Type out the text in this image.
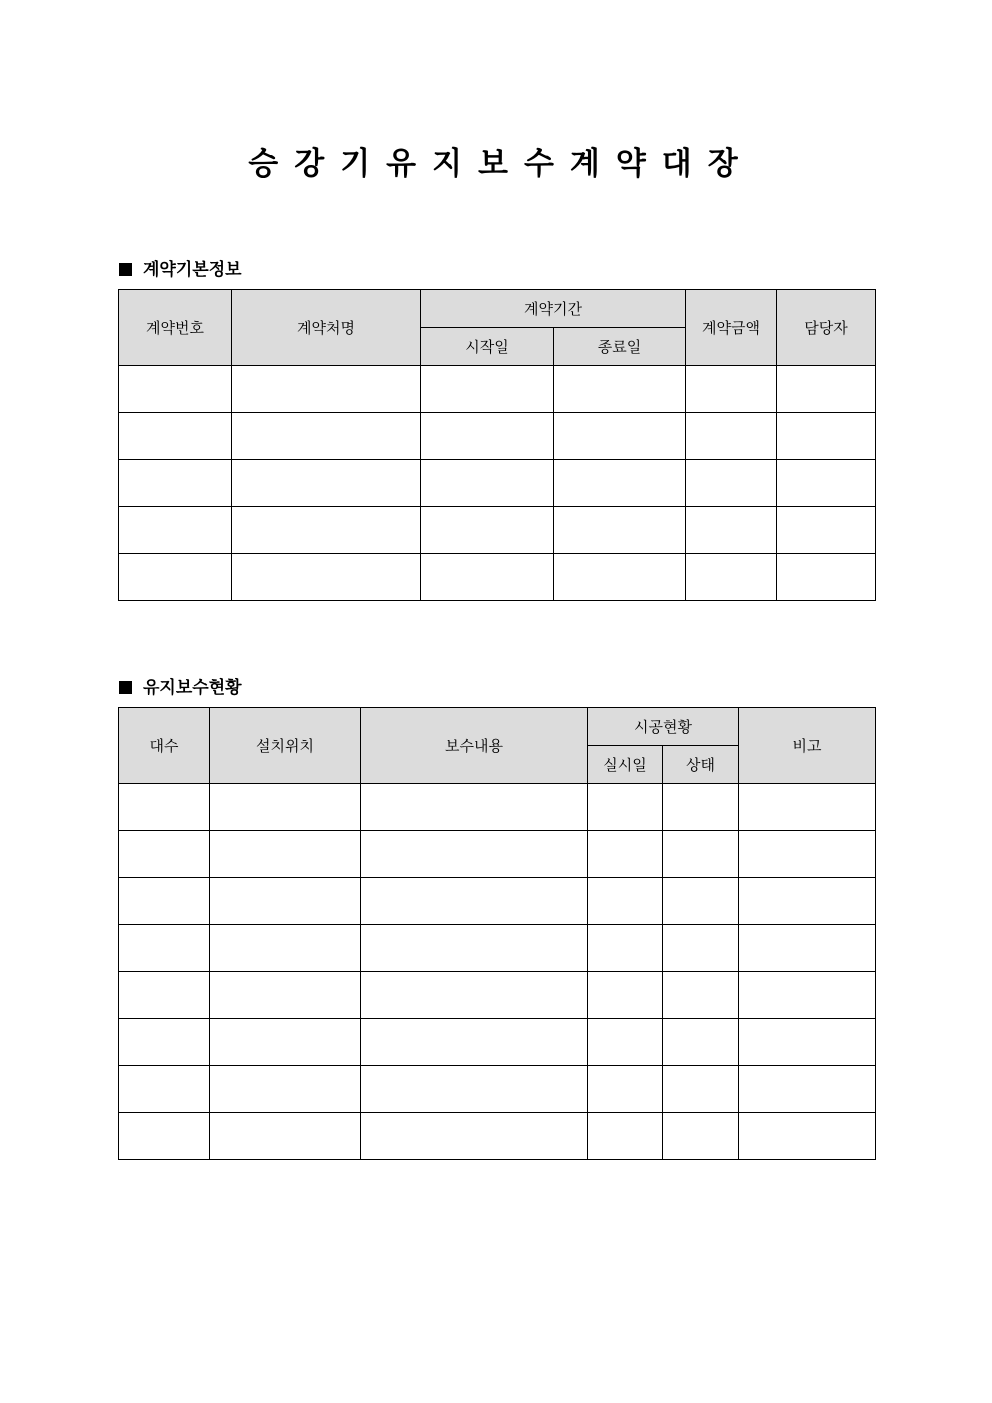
승강기유지보수계약대장
계약기본정보
계약번호	계약처명	계약기간		계약금액	담당자
		시작일	종료일		

유지보수현황
대수	설치위치	보수내용	시공현황		비고
			실시일	상태	
